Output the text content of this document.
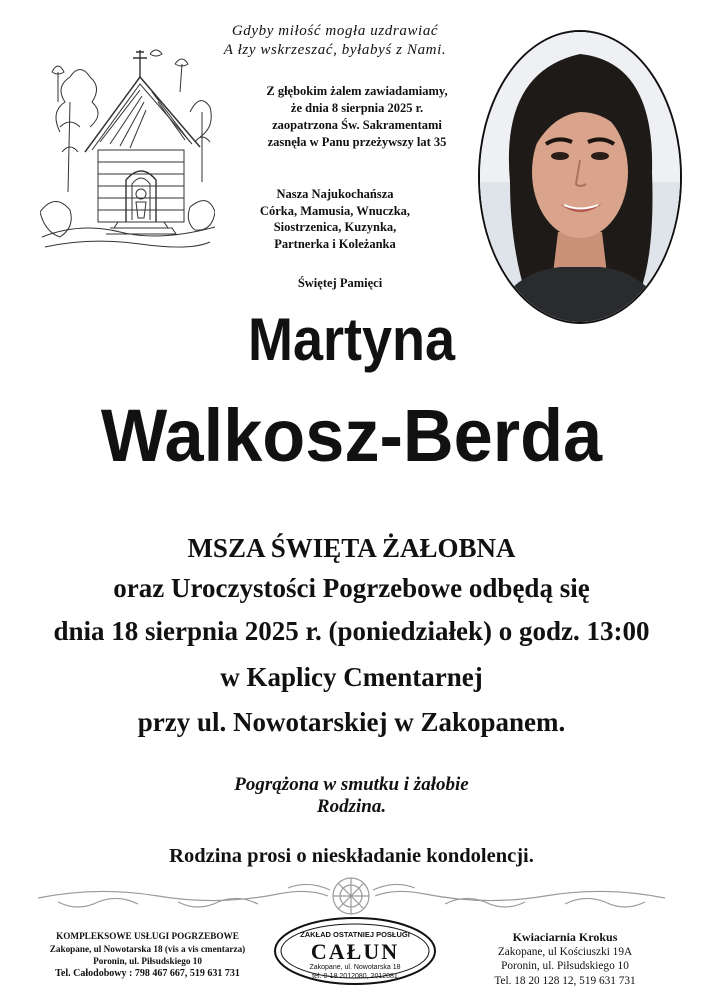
Gdyby miłość mogła uzdrawiać
A łzy wskrzeszać, byłabyś z Nami.
Z głębokim żalem zawiadamiamy,
że dnia 8 sierpnia 2025 r.
zaopatrzona Św. Sakramentami
zasnęła w Panu przeżywszy lat 35
Nasza Najukochańsza
Córka, Mamusia, Wnuczka,
Siostrzenica, Kuzynka,
Partnerka i Koleżanka
Świętej Pamięci
Martyna
Walkosz-Berda
MSZA ŚWIĘTA ŻAŁOBNA
oraz Uroczystości Pogrzebowe odbędą się
dnia 18 sierpnia 2025 r. (poniedziałek) o godz. 13:00
w Kaplicy Cmentarnej
przy ul. Nowotarskiej w Zakopanem.
Pogrążona w smutku i żałobie
Rodzina.
Rodzina prosi o nieskładanie kondolencji.
KOMPLEKSOWE USŁUGI POGRZEBOWE
Zakopane, ul Nowotarska 18 (vis a vis cmentarza)
Poronin, ul. Piłsudskiego 10
Tel. Całodobowy : 798 467 667, 519 631 731
ZAKŁAD OSTATNIEJ POSŁUGI
CAŁUN
Zakopane, ul. Nowotarska 18
tel. 0-18 2012080, 2012081
Kwiaciarnia Krokus
Zakopane, ul Kościuszki 19A
Poronin, ul. Piłsudskiego 10
Tel. 18 20 128 12, 519 631 731
